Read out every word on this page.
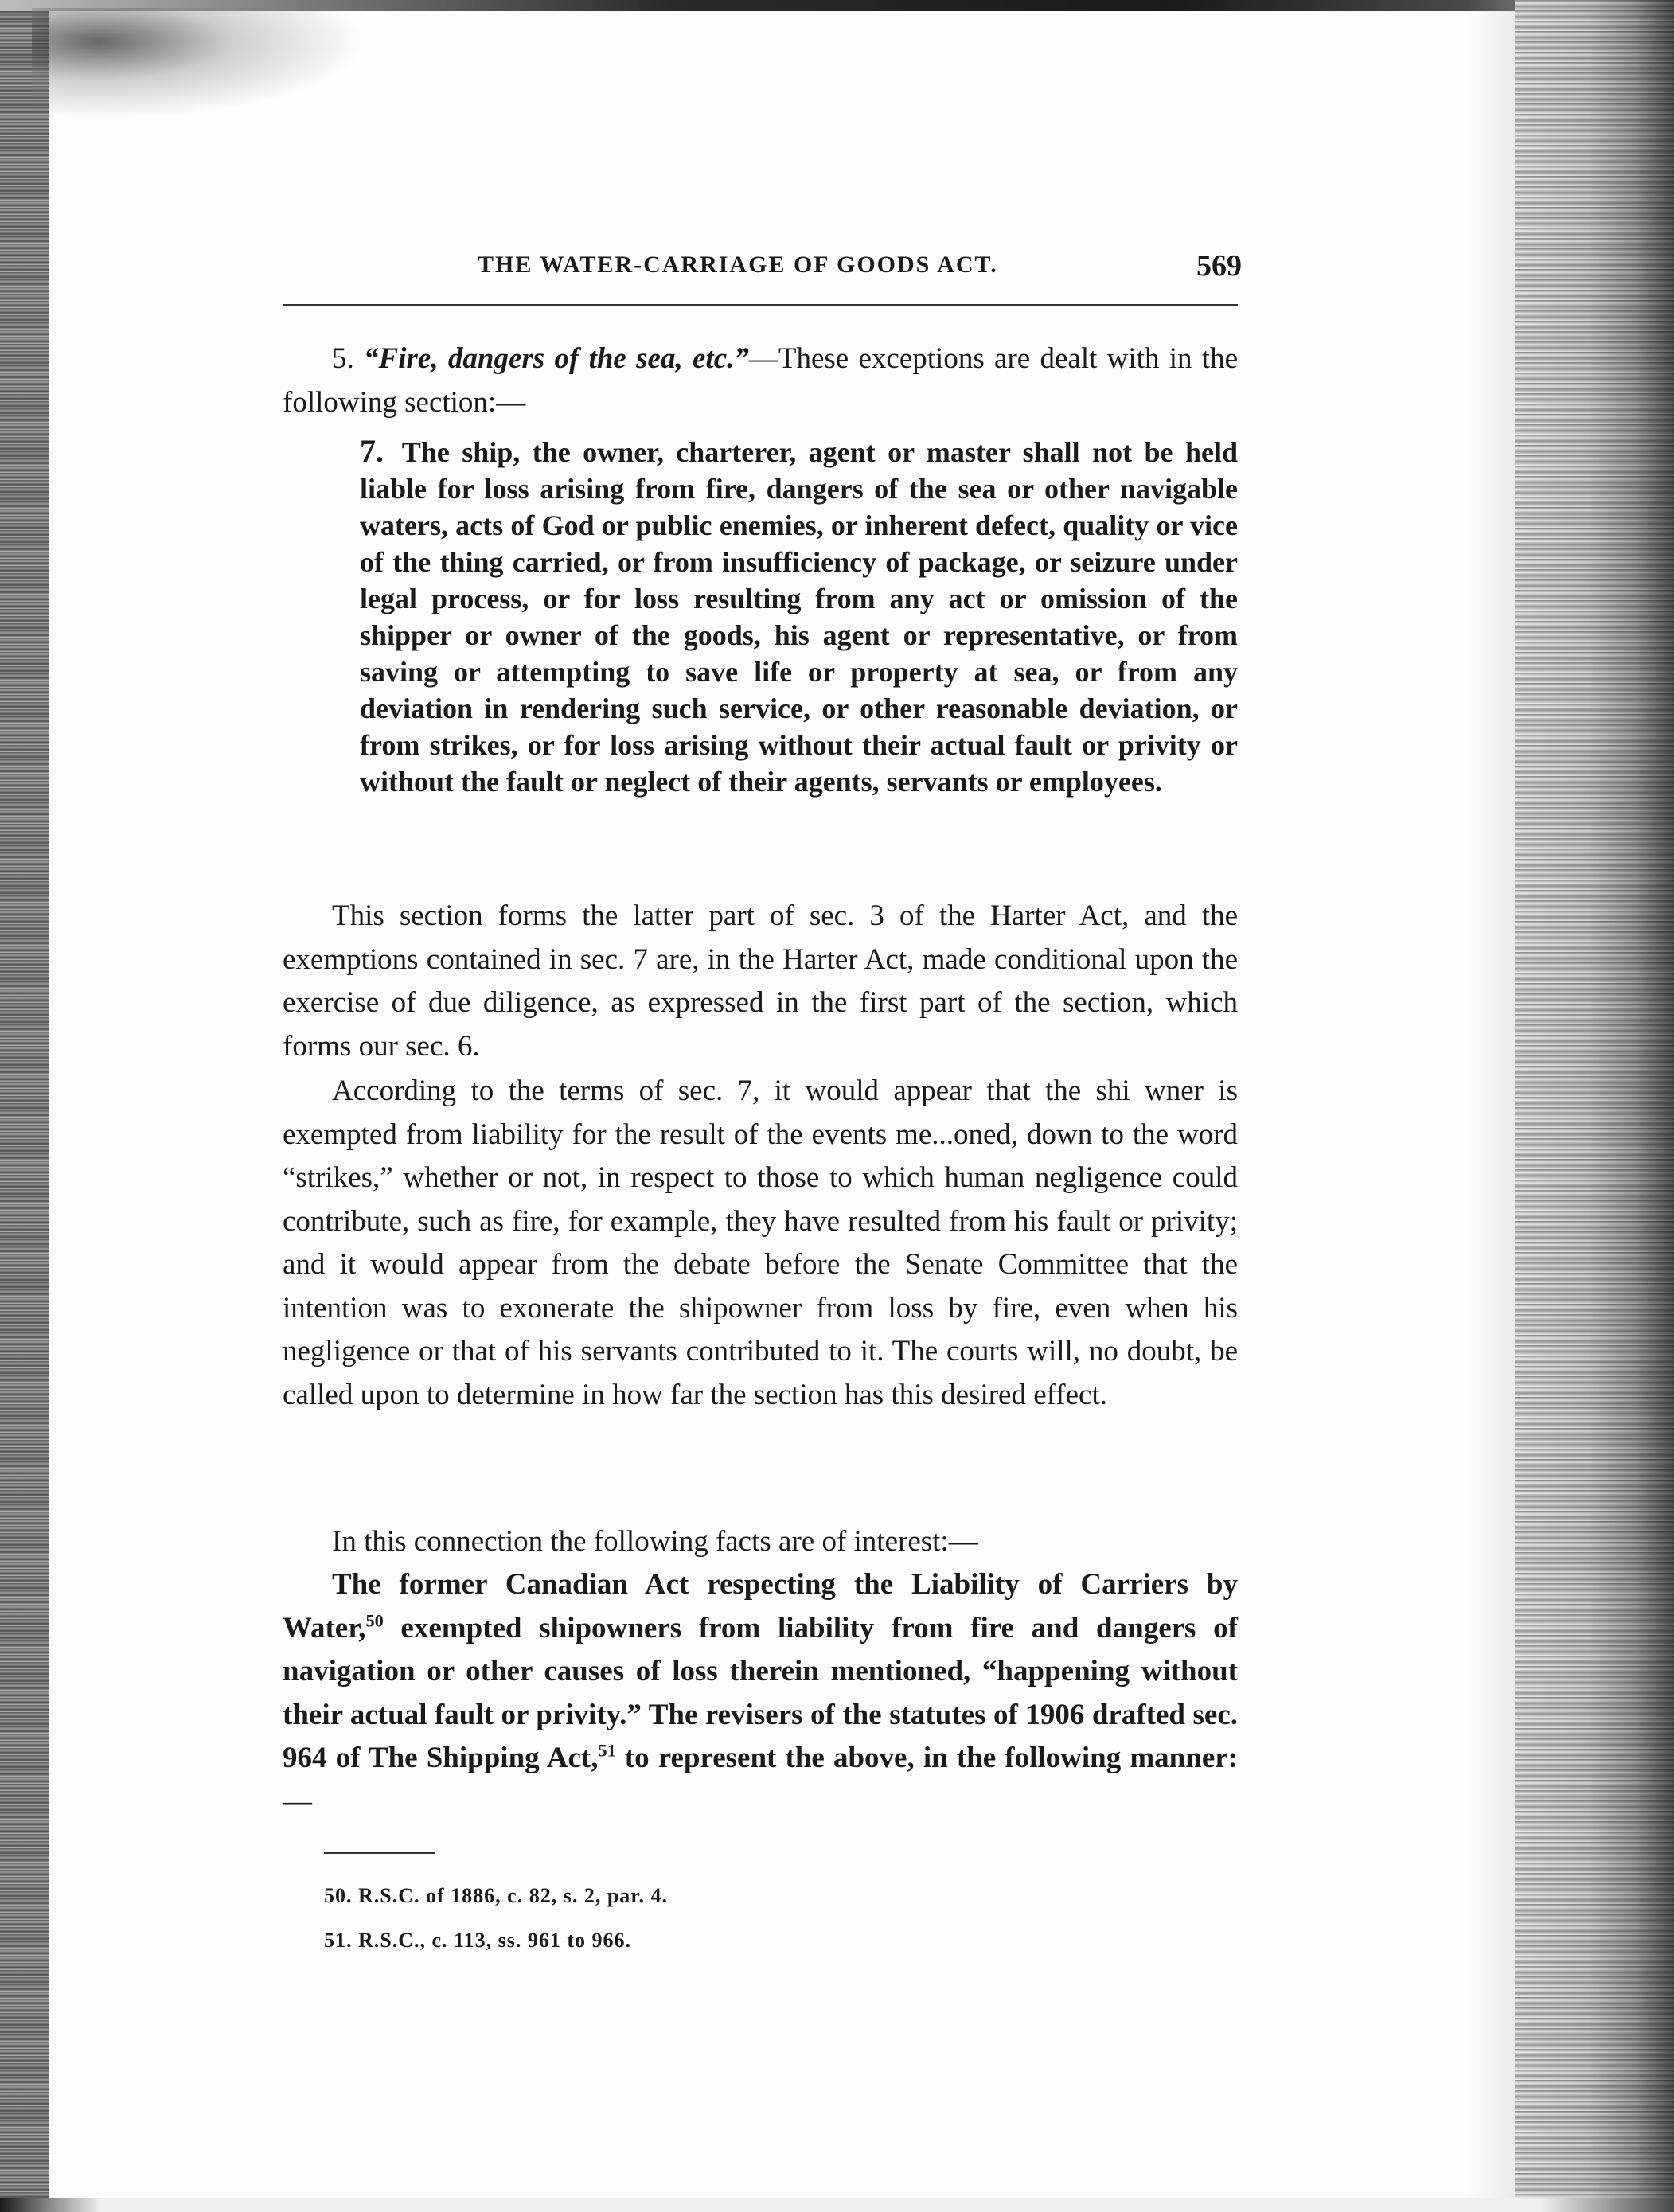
THE WATER-CARRIAGE OF GOODS ACT.	569
5. “Fire, dangers of the sea, etc.”—These exceptions are dealt with in the following section:—
7. The ship, the owner, charterer, agent or master shall not be held liable for loss arising from fire, dangers of the sea or other navigable waters, acts of God or public enemies, or inherent defect, quality or vice of the thing carried, or from insufficiency of package, or seizure under legal process, or for loss resulting from any act or omission of the shipper or owner of the goods, his agent or representative, or from saving or attempting to save life or property at sea, or from any deviation in rendering such service, or other reasonable deviation, or from strikes, or for loss arising without their actual fault or privity or without the fault or neglect of their agents, servants or employees.
This section forms the latter part of sec. 3 of the Harter Act, and the exemptions contained in sec. 7 are, in the Harter Act, made conditional upon the exercise of due diligence, as expressed in the first part of the section, which forms our sec. 6.
According to the terms of sec. 7, it would appear that the shi wner is exempted from liability for the result of the events me...oned, down to the word “strikes,” whether or not, in respect to those to which human negligence could contribute, such as fire, for example, they have resulted from his fault or privity; and it would appear from the debate before the Senate Committee that the intention was to exonerate the shipowner from loss by fire, even when his negligence or that of his servants contributed to it. The courts will, no doubt, be called upon to determine in how far the section has this desired effect.
In this connection the following facts are of interest:—
The former Canadian Act respecting the Liability of Carriers by Water,$^{50}$ exempted shipowners from liability from fire and dangers of navigation or other causes of loss therein mentioned, “happening without their actual fault or privity.” The revisers of the statutes of 1906 drafted sec. 964 of The Shipping Act,$^{51}$ to represent the above, in the following manner:—
50. R.S.C. of 1886, c. 82, s. 2, par. 4.
51. R.S.C., c. 113, ss. 961 to 966.
